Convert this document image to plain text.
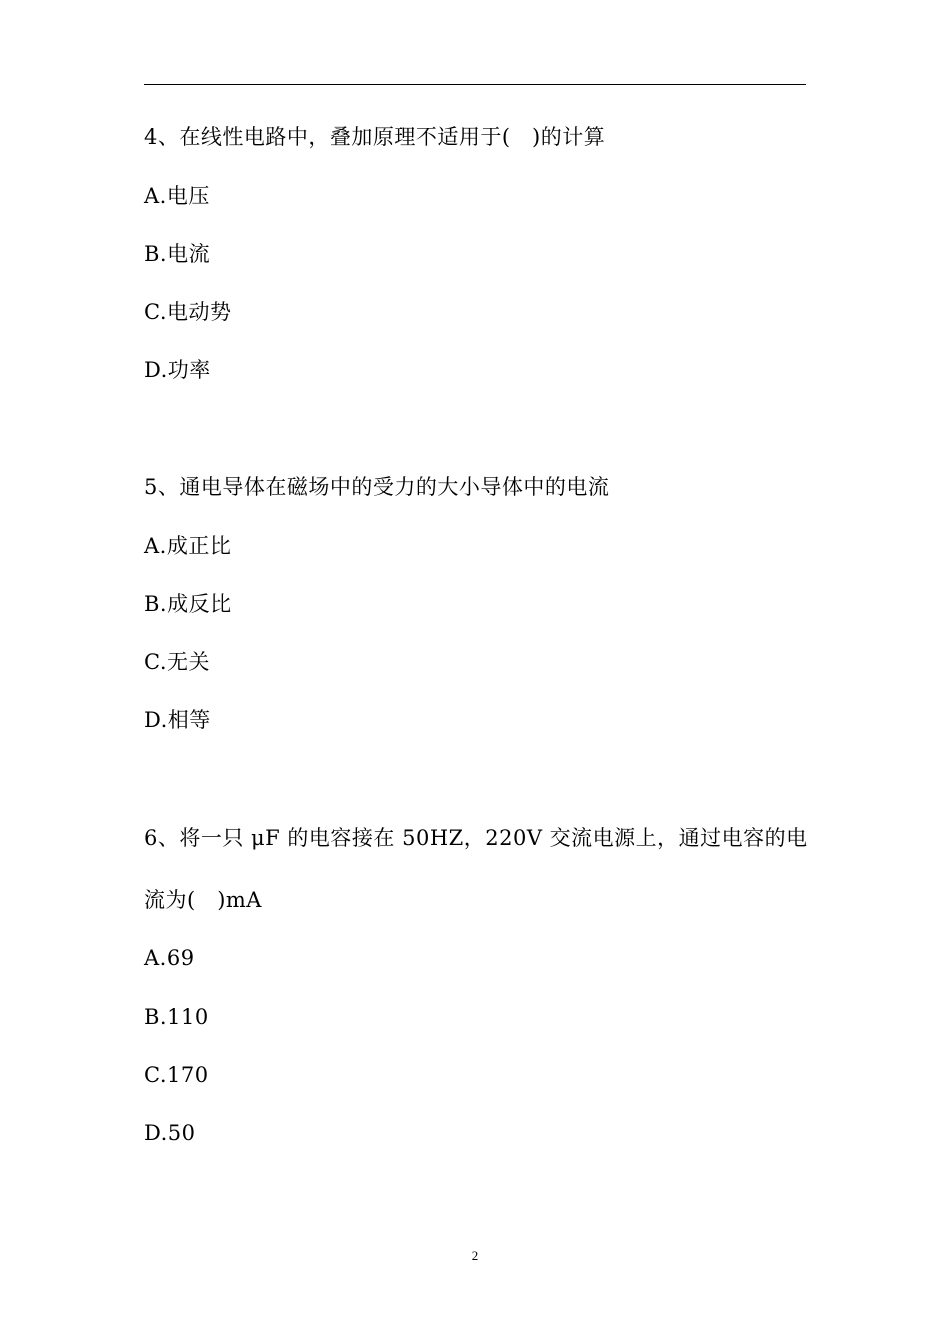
4、在线性电路中，叠加原理不适用于(　)的计算
A.电压
B.电流
C.电动势
D.功率
5、通电导体在磁场中的受力的大小导体中的电流
A.成正比
B.成反比
C.无关
D.相等
6、将一只 μF 的电容接在 50HZ，220V 交流电源上，通过电容的电
流为(　)mA
A.69
B.110
C.170
D.50
2
